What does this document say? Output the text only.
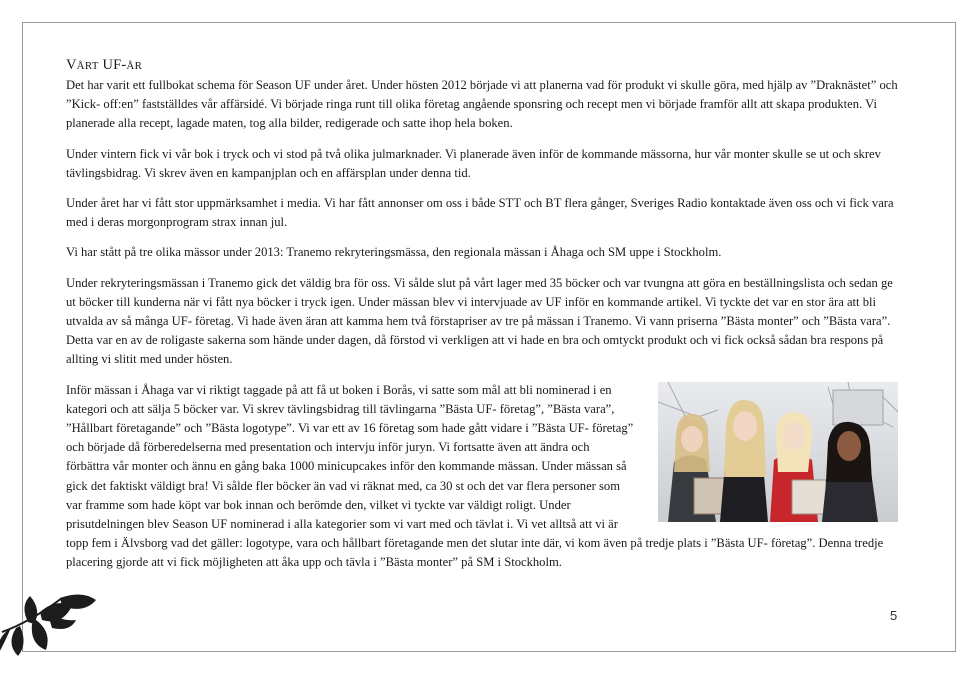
VÅRT UF-ÅR

Det har varit ett fullbokat schema för Season UF under året. Under hösten 2012 började vi att planerna vad för produkt vi skulle göra, med hjälp av ”Draknästet” och ”Kick- off:en” fastställdes vår affärsidé. Vi började ringa runt till olika företag angående sponsring och recept men vi började framför allt att skapa produkten. Vi planerade alla recept, lagade maten, tog alla bilder, redigerade och satte ihop hela boken.

Under vintern fick vi vår bok i tryck och vi stod på två olika julmarknader. Vi planerade även inför de kommande mässorna, hur vår monter skulle se ut och skrev tävlingsbidrag. Vi skrev även en kampanjplan och en affärsplan under denna tid.

Under året har vi fått stor uppmärksamhet i media. Vi har fått annonser om oss i både STT och BT flera gånger, Sveriges Radio kontaktade även oss och vi fick vara med i deras morgonprogram strax innan jul.

Vi har stått på tre olika mässor under 2013: Tranemo rekryteringsmässa, den regionala mässan i Åhaga och SM uppe i Stockholm.

Under rekryteringsmässan i Tranemo gick det väldig bra för oss. Vi sålde slut på vårt lager med 35 böcker och var tvungna att göra en beställningslista och sedan ge ut böcker till kunderna när vi fått nya böcker i tryck igen. Under mässan blev vi intervjuade av UF inför en kommande artikel. Vi tyckte det var en stor ära att bli utvalda av så många UF- företag. Vi hade även äran att kamma hem två förstapriser av tre på mässan i Tranemo. Vi vann priserna ”Bästa monter” och ”Bästa vara”. Detta var en av de roligaste sakerna som hände under dagen, då förstod vi verkligen att vi hade en bra och omtyckt produkt och vi fick också sådan bra respons på allting vi slitit med under hösten.

Inför mässan i Åhaga var vi riktigt taggade på att få ut boken i Borås, vi satte som mål att bli nominerad i en kategori och att sälja 5 böcker var. Vi skrev tävlingsbidrag till tävlingarna ”Bästa UF- företag”, ”Bästa vara”, ”Hållbart företagande” och ”Bästa logotype”. Vi var ett av 16 företag som hade gått vidare i ”Bästa UF- företag” och började då förberedelserna med presentation och intervju inför juryn. Vi fortsatte även att ändra och förbättra vår monter och ännu en gång baka 1000 minicupcakes inför den kommande mässan. Under mässan så gick det faktiskt väldigt bra! Vi sålde fler böcker än vad vi räknat med, ca 30 st och det var flera personer som var framme som hade köpt var bok innan och berömde den, vilket vi tyckte var väldigt roligt. Under prisutdelningen blev Season UF nominerad i alla kategorier som vi vart med och tävlat i. Vi vet alltså att vi är topp fem i Älvsborg vad det gäller: logotype, vara och hållbart företagande men det slutar inte där, vi kom även på tredje plats i ”Bästa UF- företag”. Denna tredje placering gjorde att vi fick möjligheten att åka upp och tävla i ”Bästa monter” på SM i Stockholm.

5
